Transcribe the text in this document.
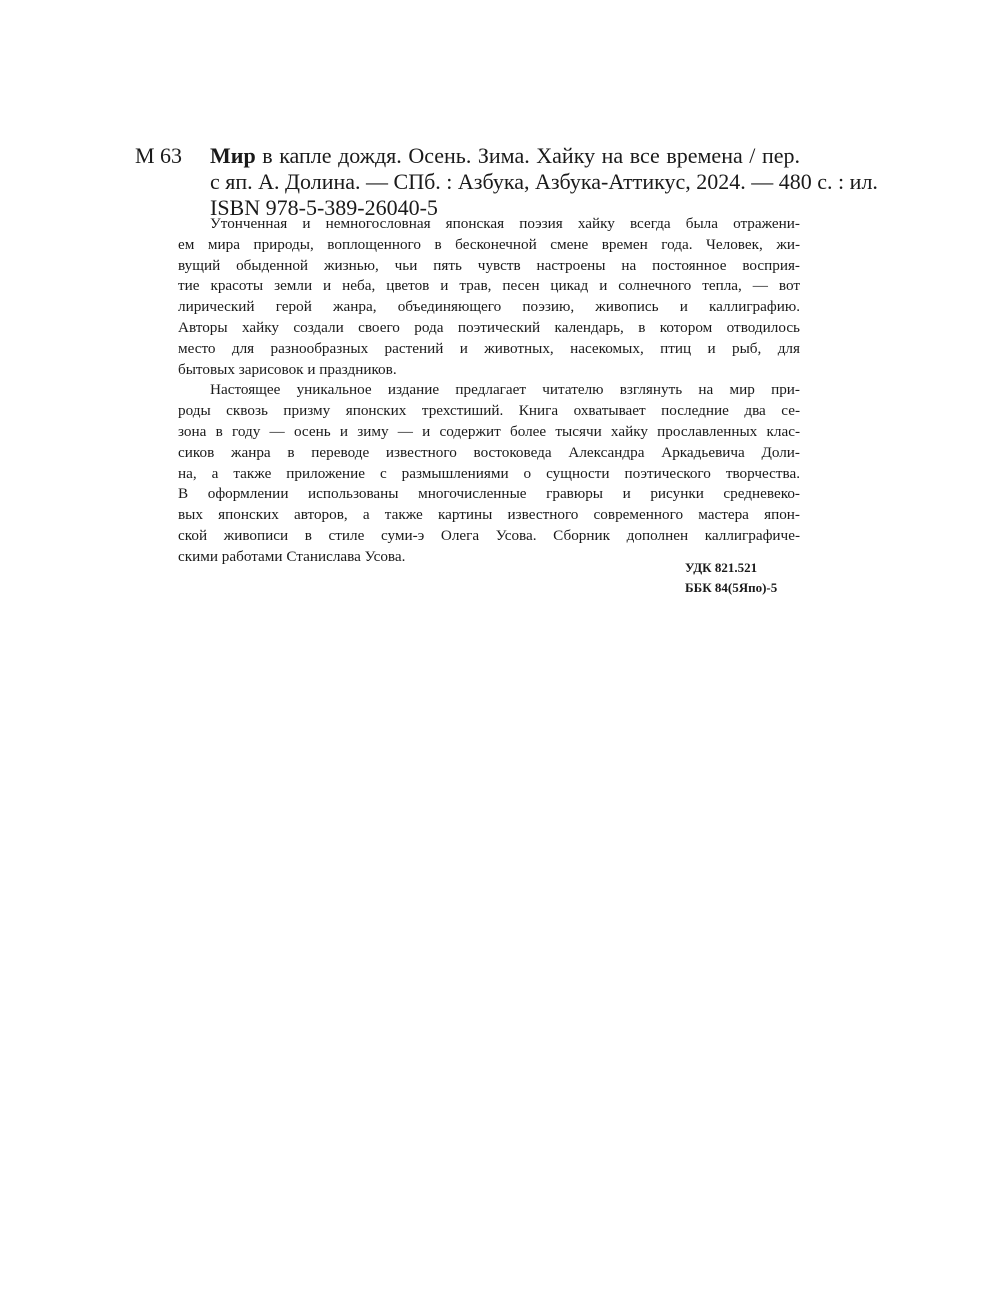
М 63 Мир в капле дождя. Осень. Зима. Хайку на все времена / пер.
с яп. А. Долина. — СПб. : Азбука, Азбука-Аттикус, 2024. — 480 с. : ил.
ISBN 978-5-389-26040-5
Утонченная и немногословная японская поэзия хайку всегда была отражени-
ем мира природы, воплощенного в бесконечной смене времен года. Человек, жи-
вущий обыденной жизнью, чьи пять чувств настроены на постоянное восприя-
тие красоты земли и неба, цветов и трав, песен цикад и солнечного тепла, — вот
лирический герой жанра, объединяющего поэзию, живопись и каллиграфию.
Авторы хайку создали своего рода поэтический календарь, в котором отводилось
место для разнообразных растений и животных, насекомых, птиц и рыб, для
бытовых зарисовок и праздников.
Настоящее уникальное издание предлагает читателю взглянуть на мир при-
роды сквозь призму японских трехстиший. Книга охватывает последние два се-
зона в году — осень и зиму — и содержит более тысячи хайку прославленных клас-
сиков жанра в переводе известного востоковеда Александра Аркадьевича Доли-
на, а также приложение с размышлениями о сущности поэтического творчества.
В оформлении использованы многочисленные гравюры и рисунки средневеко-
вых японских авторов, а также картины известного современного мастера япон-
ской живописи в стиле суми-э Олега Усова. Сборник дополнен каллиграфиче-
скими работами Станислава Усова.
УДК 821.521
ББК 84(5Япо)-5
